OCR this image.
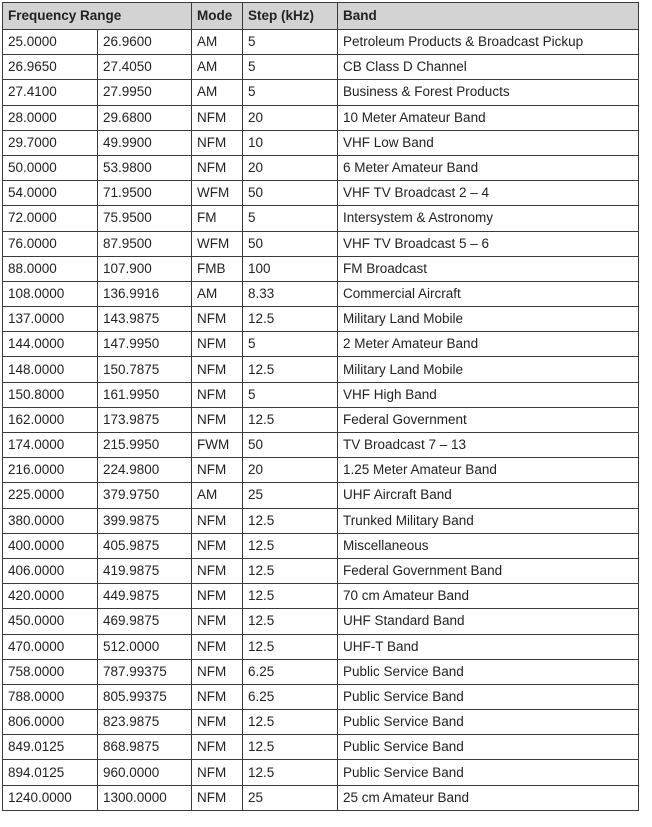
Frequency Range		Mode	Step (kHz)	Band
25.0000	26.9600	AM	5	Petroleum Products & Broadcast Pickup
26.9650	27.4050	AM	5	CB Class D Channel
27.4100	27.9950	AM	5	Business & Forest Products
28.0000	29.6800	NFM	20	10 Meter Amateur Band
29.7000	49.9900	NFM	10	VHF Low Band
50.0000	53.9800	NFM	20	6 Meter Amateur Band
54.0000	71.9500	WFM	50	VHF TV Broadcast 2 – 4
72.0000	75.9500	FM	5	Intersystem & Astronomy
76.0000	87.9500	WFM	50	VHF TV Broadcast 5 – 6
88.0000	107.900	FMB	100	FM Broadcast
108.0000	136.9916	AM	8.33	Commercial Aircraft
137.0000	143.9875	NFM	12.5	Military Land Mobile
144.0000	147.9950	NFM	5	2 Meter Amateur Band
148.0000	150.7875	NFM	12.5	Military Land Mobile
150.8000	161.9950	NFM	5	VHF High Band
162.0000	173.9875	NFM	12.5	Federal Government
174.0000	215.9950	FWM	50	TV Broadcast 7 – 13
216.0000	224.9800	NFM	20	1.25 Meter Amateur Band
225.0000	379.9750	AM	25	UHF Aircraft Band
380.0000	399.9875	NFM	12.5	Trunked Military Band
400.0000	405.9875	NFM	12.5	Miscellaneous
406.0000	419.9875	NFM	12.5	Federal Government Band
420.0000	449.9875	NFM	12.5	70 cm Amateur Band
450.0000	469.9875	NFM	12.5	UHF Standard Band
470.0000	512.0000	NFM	12.5	UHF-T Band
758.0000	787.99375	NFM	6.25	Public Service Band
788.0000	805.99375	NFM	6.25	Public Service Band
806.0000	823.9875	NFM	12.5	Public Service Band
849.0125	868.9875	NFM	12.5	Public Service Band
894.0125	960.0000	NFM	12.5	Public Service Band
1240.0000	1300.0000	NFM	25	25 cm Amateur Band
